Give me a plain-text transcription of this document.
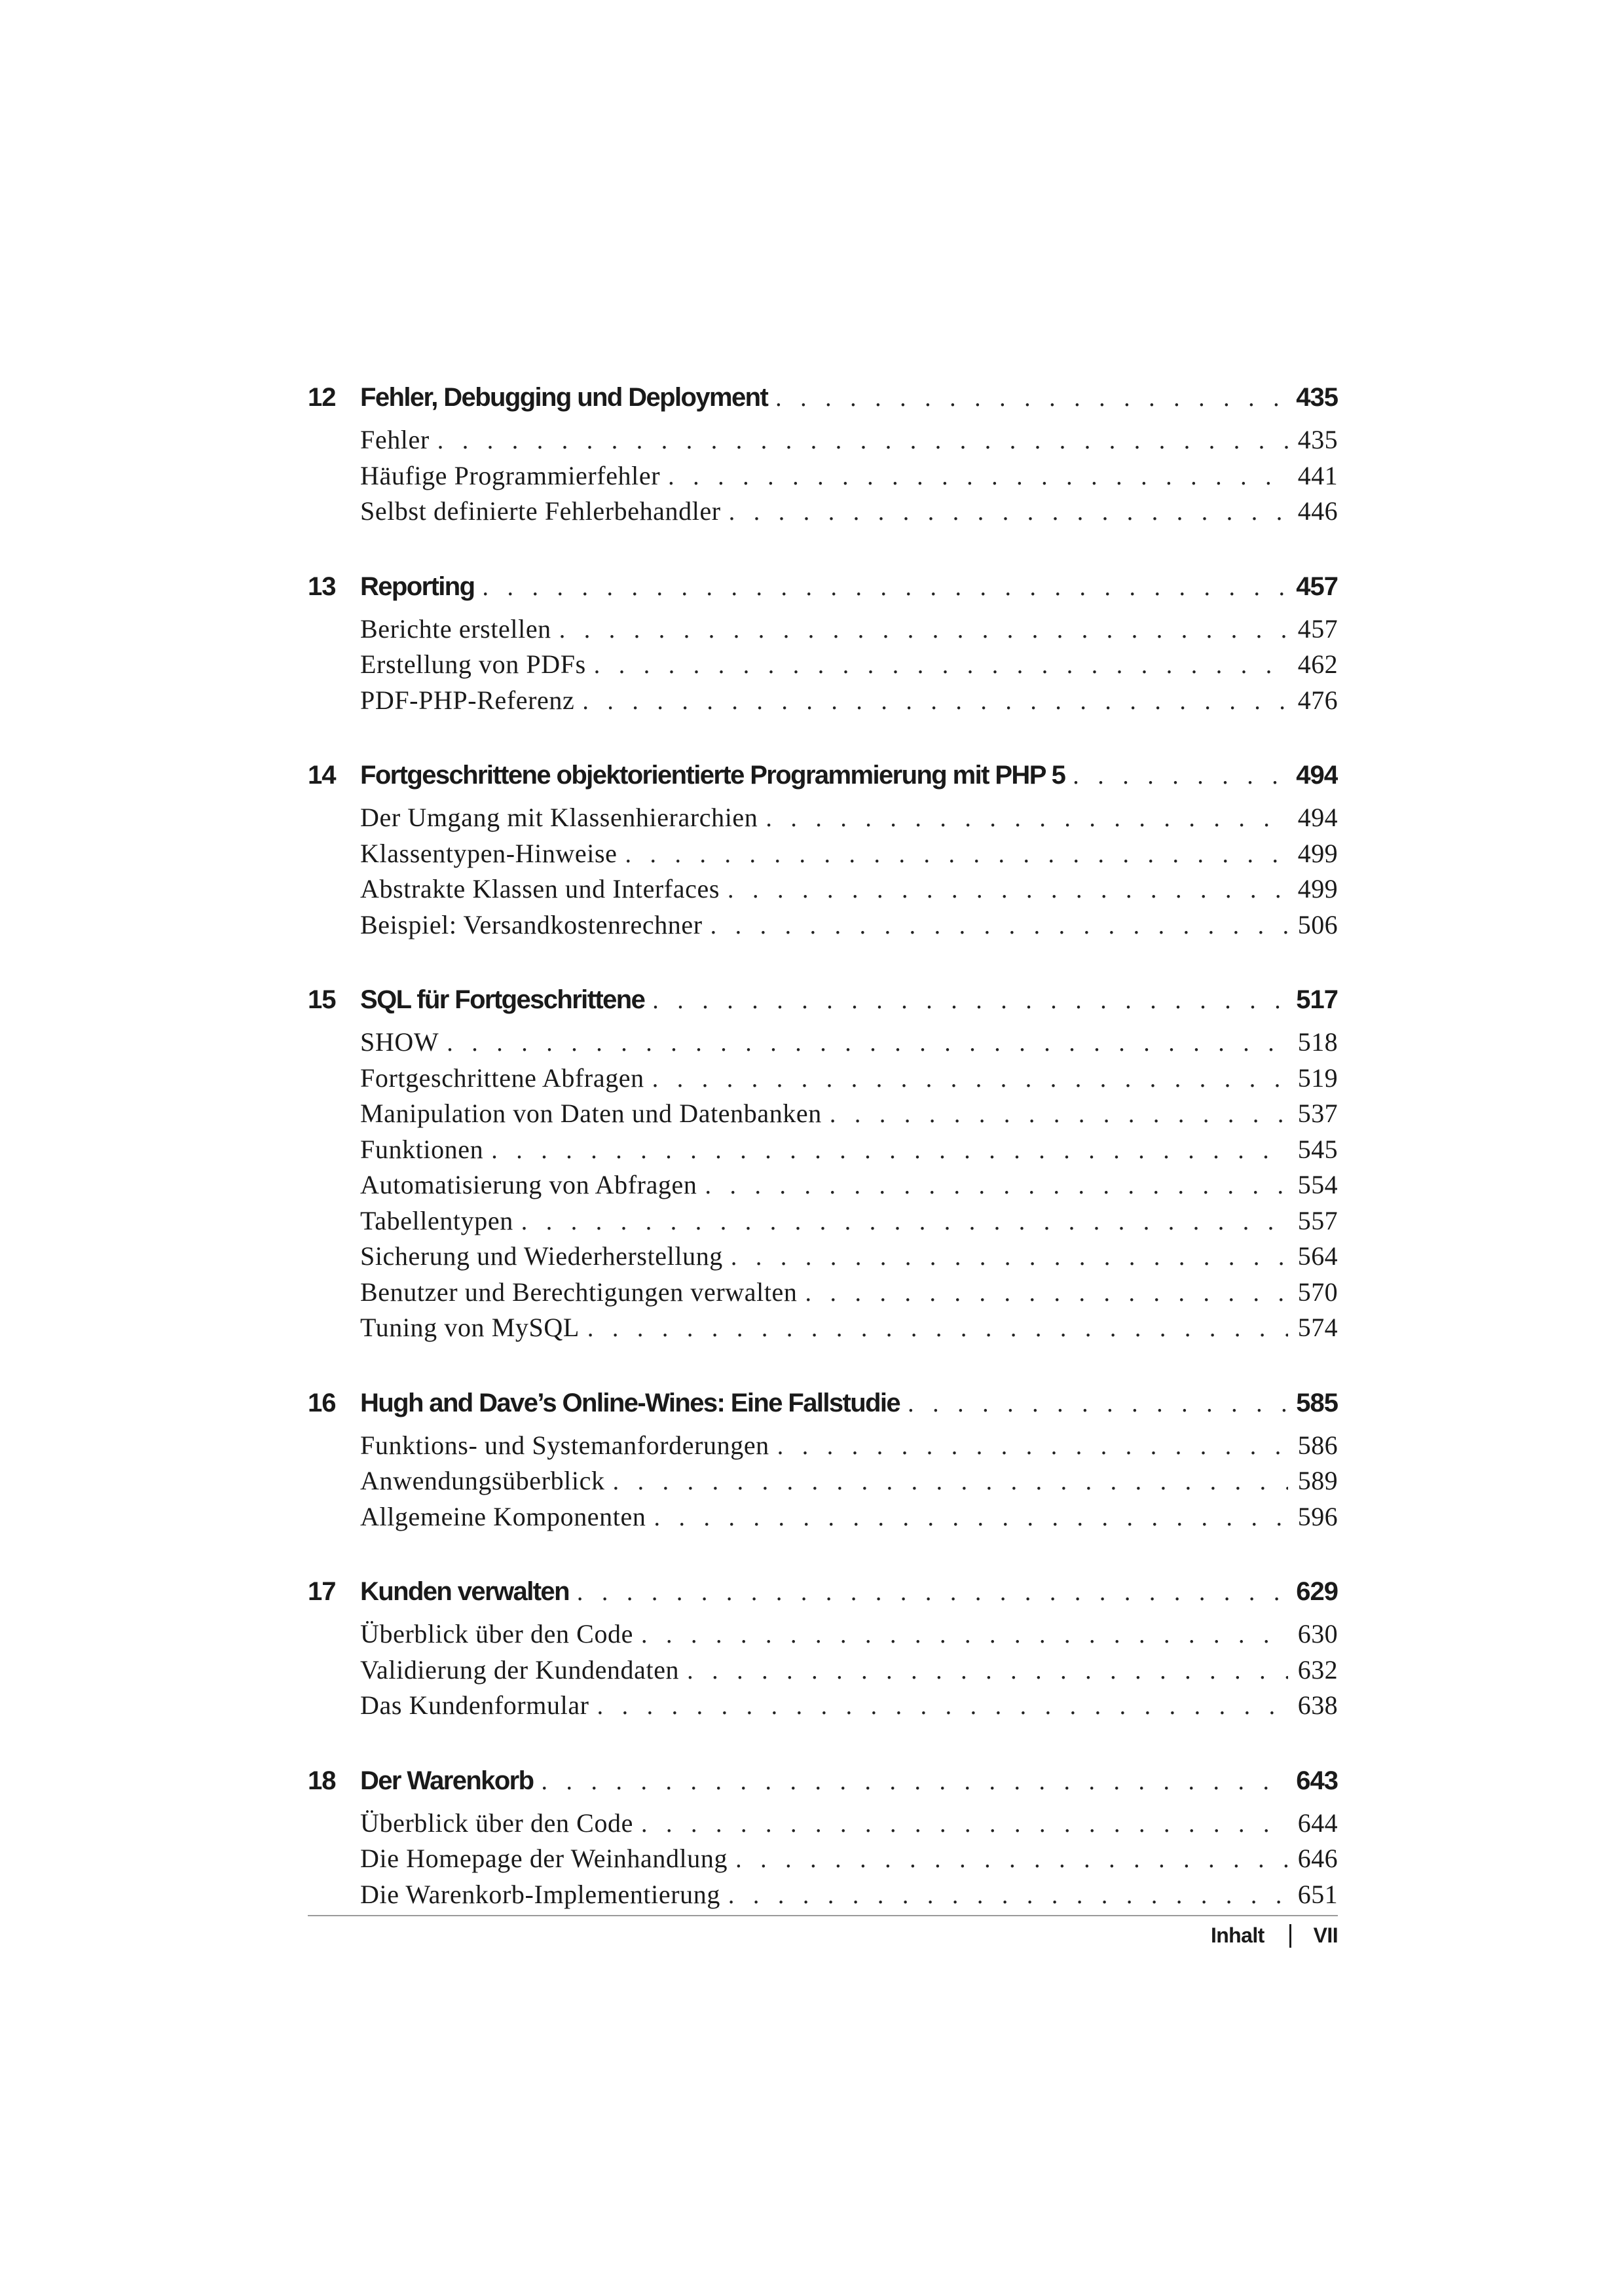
12 Fehler, Debugging und Deployment . . .	435
Fehler . . .	435
Häufige Programmierfehler . . .	441
Selbst definierte Fehlerbehandler . . .	446
13 Reporting . . .	457
Berichte erstellen . . .	457
Erstellung von PDFs . . .	462
PDF-PHP-Referenz . . .	476
14 Fortgeschrittene objektorientierte Programmierung mit PHP 5 . . .	494
Der Umgang mit Klassenhierarchien . . .	494
Klassentypen-Hinweise . . .	499
Abstrakte Klassen und Interfaces . . .	499
Beispiel: Versandkostenrechner . . .	506
15 SQL für Fortgeschrittene . . .	517
SHOW . . .	518
Fortgeschrittene Abfragen . . .	519
Manipulation von Daten und Datenbanken . . .	537
Funktionen . . .	545
Automatisierung von Abfragen . . .	554
Tabellentypen . . .	557
Sicherung und Wiederherstellung . . .	564
Benutzer und Berechtigungen verwalten . . .	570
Tuning von MySQL . . .	574
16 Hugh and Dave’s Online-Wines: Eine Fallstudie . . .	585
Funktions- und Systemanforderungen . . .	586
Anwendungsüberblick . . .	589
Allgemeine Komponenten . . .	596
17 Kunden verwalten . . .	629
Überblick über den Code . . .	630
Validierung der Kundendaten . . .	632
Das Kundenformular . . .	638
18 Der Warenkorb . . .	643
Überblick über den Code . . .	644
Die Homepage der Weinhandlung . . .	646
Die Warenkorb-Implementierung . . .	651
Inhalt VII
